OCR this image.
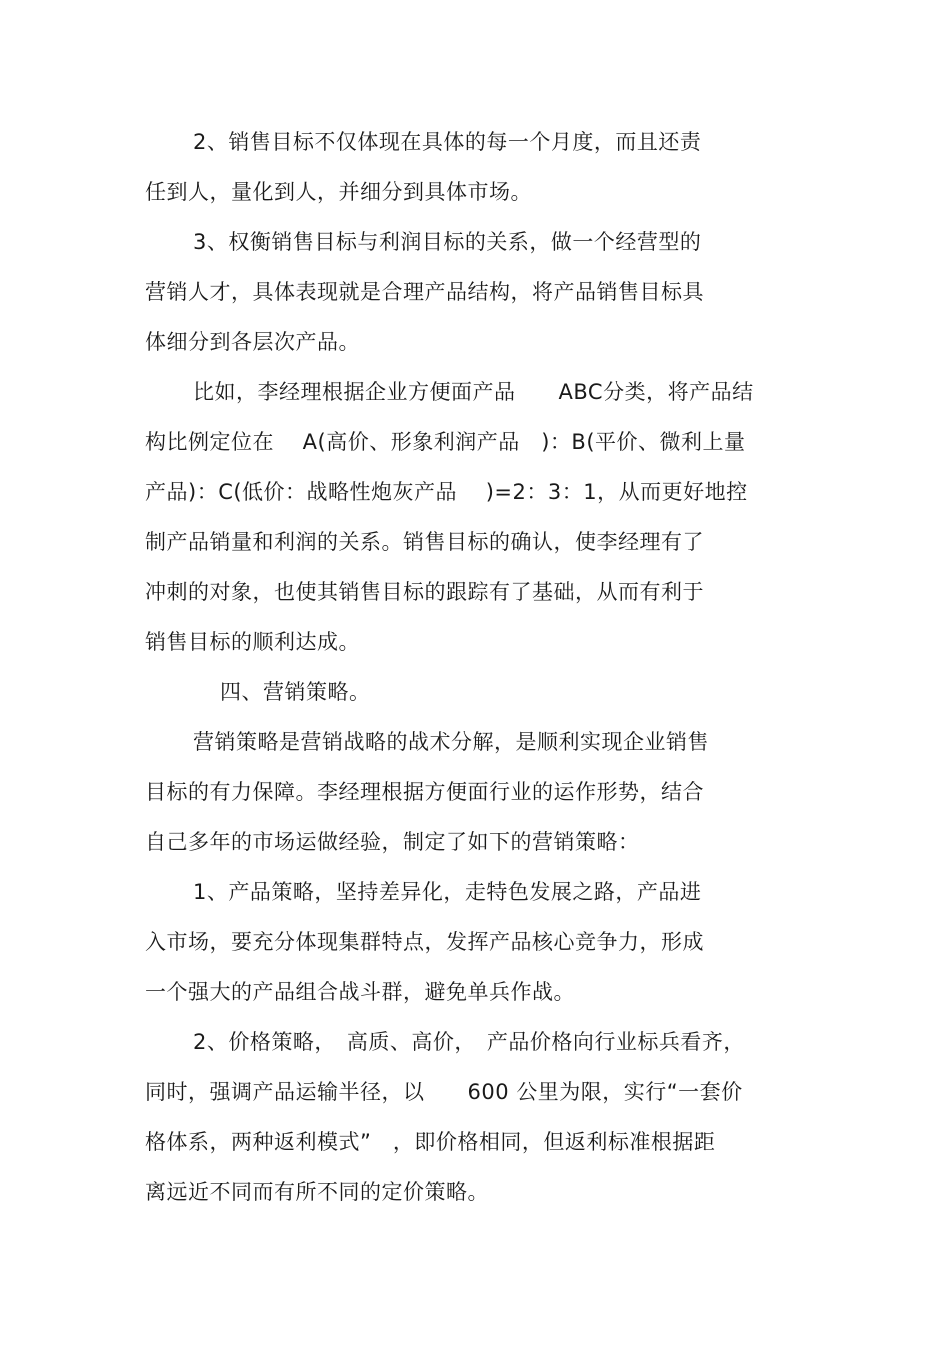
2、销售目标不仅体现在具体的每一个月度，而且还责
任到人，量化到人，并细分到具体市场。
3、权衡销售目标与利润目标的关系，做一个经营型的
营销人才，具体表现就是合理产品结构，将产品销售目标具
体细分到各层次产品。
比如，李经理根据企业方便面产品　　ABC分类，将产品结
构比例定位在　 A(高价、形象利润产品　)：B(平价、微利上量
产品)：C(低价：战略性炮灰产品　 )=2：3：1，从而更好地控
制产品销量和利润的关系。销售目标的确认，使李经理有了
冲刺的对象，也使其销售目标的跟踪有了基础，从而有利于
销售目标的顺利达成。
四、营销策略。
营销策略是营销战略的战术分解，是顺利实现企业销售
目标的有力保障。李经理根据方便面行业的运作形势，结合
自己多年的市场运做经验，制定了如下的营销策略：
1、产品策略，坚持差异化，走特色发展之路，产品进
入市场，要充分体现集群特点，发挥产品核心竞争力，形成
一个强大的产品组合战斗群，避免单兵作战。
2、价格策略，　高质、高价，　产品价格向行业标兵看齐，
同时，强调产品运输半径，以　　600 公里为限，实行“一套价
格体系，两种返利模式”　，即价格相同，但返利标准根据距
离远近不同而有所不同的定价策略。
